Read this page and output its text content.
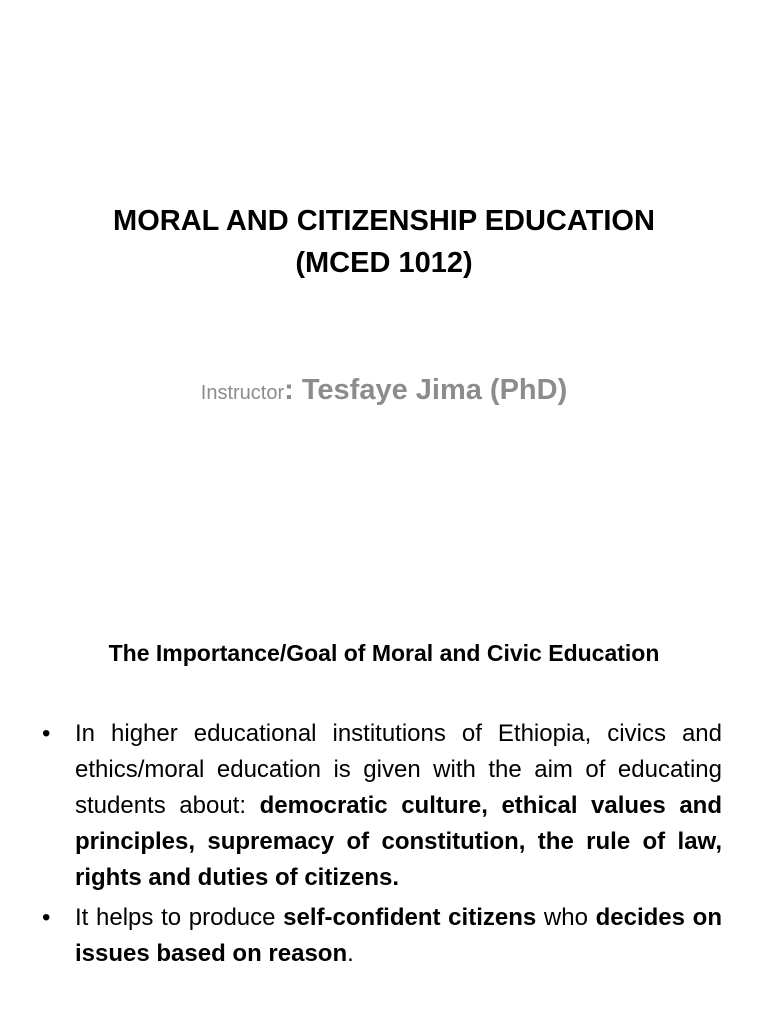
MORAL AND CITIZENSHIP EDUCATION
(MCED 1012)

Instructor: Tesfaye Jima (PhD)

The Importance/Goal of Moral and Civic Education
• In higher educational institutions of Ethiopia, civics and ethics/moral education is given with the aim of educating students about: democratic culture, ethical values and principles, supremacy of constitution, the rule of law, rights and duties of citizens.
• It helps to produce self-confident citizens who decides on issues based on reason.
